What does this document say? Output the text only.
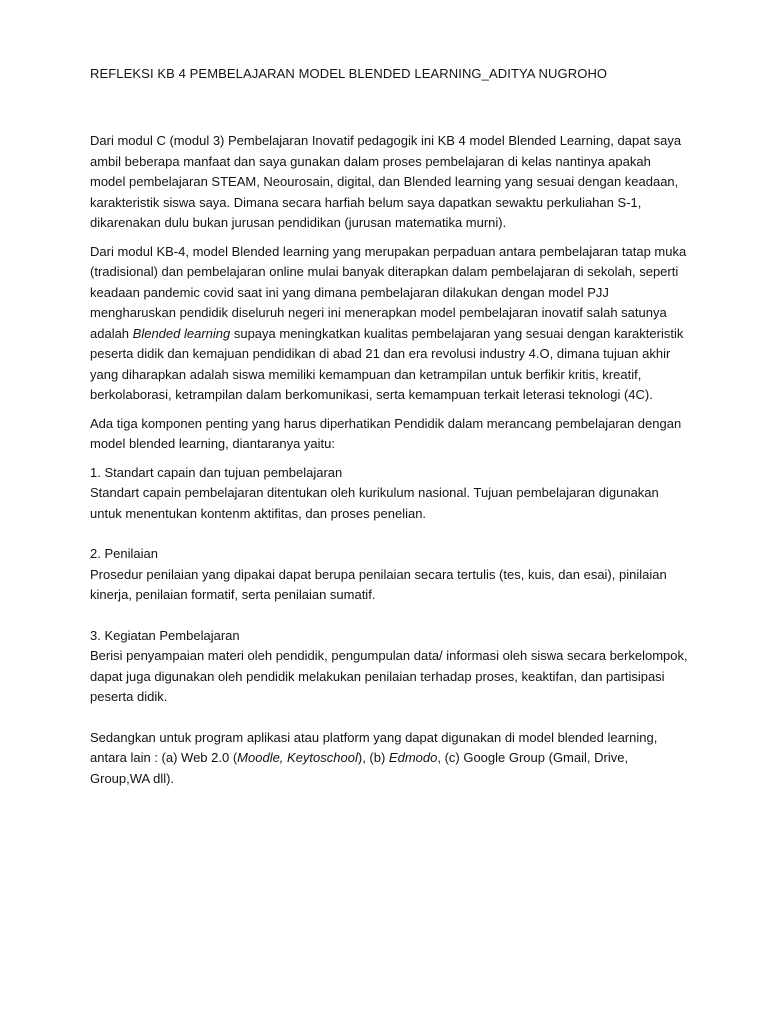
REFLEKSI KB 4 PEMBELAJARAN MODEL BLENDED LEARNING_ADITYA NUGROHO

Dari modul C (modul 3) Pembelajaran Inovatif pedagogik ini KB 4 model Blended Learning, dapat saya ambil beberapa manfaat dan saya gunakan dalam proses pembelajaran di kelas nantinya apakah model pembelajaran STEAM, Neourosain, digital, dan Blended learning yang sesuai dengan keadaan, karakteristik siswa saya. Dimana secara harfiah belum saya dapatkan sewaktu perkuliahan S-1, dikarenakan dulu bukan jurusan pendidikan (jurusan matematika murni).

Dari modul KB-4, model Blended learning yang merupakan perpaduan antara pembelajaran tatap muka (tradisional) dan pembelajaran online mulai banyak diterapkan dalam pembelajaran di sekolah, seperti keadaan pandemic covid saat ini yang dimana pembelajaran dilakukan dengan model PJJ mengharuskan pendidik diseluruh negeri ini menerapkan model pembelajaran inovatif salah satunya adalah Blended learning supaya meningkatkan kualitas pembelajaran yang sesuai dengan karakteristik peserta didik dan kemajuan pendidikan di abad 21 dan era revolusi industry 4.O, dimana tujuan akhir yang diharapkan adalah siswa memiliki kemampuan dan ketrampilan untuk berfikir kritis, kreatif, berkolaborasi, ketrampilan dalam berkomunikasi, serta kemampuan terkait leterasi teknologi (4C).

Ada tiga komponen penting yang harus diperhatikan Pendidik dalam merancang pembelajaran dengan model blended learning, diantaranya yaitu:

1. Standart capain dan tujuan pembelajaran
Standart capain pembelajaran ditentukan oleh kurikulum nasional. Tujuan pembelajaran digunakan untuk menentukan kontenm aktifitas, dan proses penelian.
2. Penilaian
Prosedur penilaian yang dipakai dapat berupa penilaian secara tertulis (tes, kuis, dan esai), pinilaian kinerja, penilaian formatif, serta penilaian sumatif.
3. Kegiatan Pembelajaran
Berisi penyampaian materi oleh pendidik, pengumpulan data/ informasi oleh siswa secara berkelompok, dapat juga digunakan oleh pendidik melakukan penilaian terhadap proses, keaktifan, dan partisipasi peserta didik.

Sedangkan untuk program aplikasi atau platform yang dapat digunakan di model blended learning, antara lain : (a) Web 2.0 (Moodle, Keytoschool), (b) Edmodo, (c) Google Group (Gmail, Drive, Group,WA dll).
